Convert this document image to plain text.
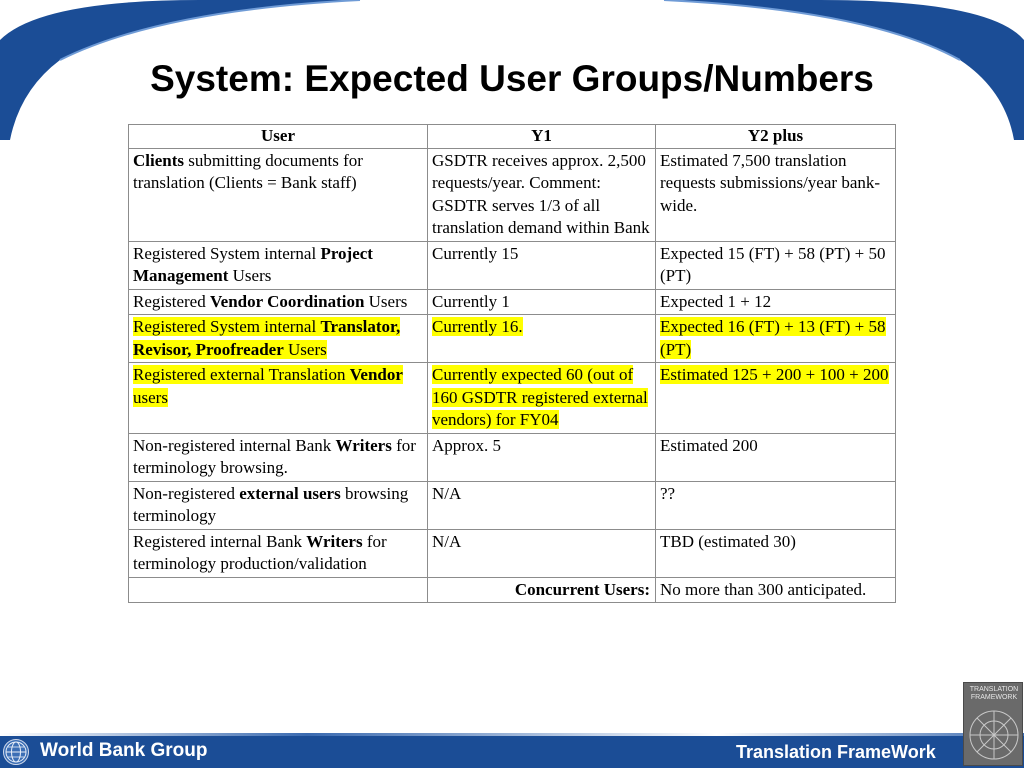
System: Expected User Groups/Numbers
User	Y1	Y2 plus
Clients submitting documents for translation (Clients = Bank staff)	GSDTR receives approx. 2,500 requests/year. Comment: GSDTR serves 1/3 of all translation demand within Bank	Estimated 7,500 translation requests submissions/year bank-wide.
Registered System internal Project Management Users	Currently 15	Expected 15 (FT) + 58 (PT) + 50 (PT)
Registered Vendor Coordination Users	Currently 1	Expected 1 + 12
Registered System internal Translator, Revisor, Proofreader Users	Currently 16.	Expected 16 (FT) + 13 (FT) + 58 (PT)
Registered external Translation Vendor users	Currently expected 60 (out of 160 GSDTR registered external vendors) for FY04	Estimated 125 + 200 + 100 + 200
Non-registered internal Bank Writers for terminology browsing.	Approx. 5	Estimated 200
Non-registered external users browsing terminology	N/A	??
Registered internal Bank Writers for terminology production/validation	N/A	TBD (estimated 30)
	Concurrent Users:	No more than 300 anticipated.
World Bank Group	Translation FrameWork
TRANSLATION FRAMEWORK
